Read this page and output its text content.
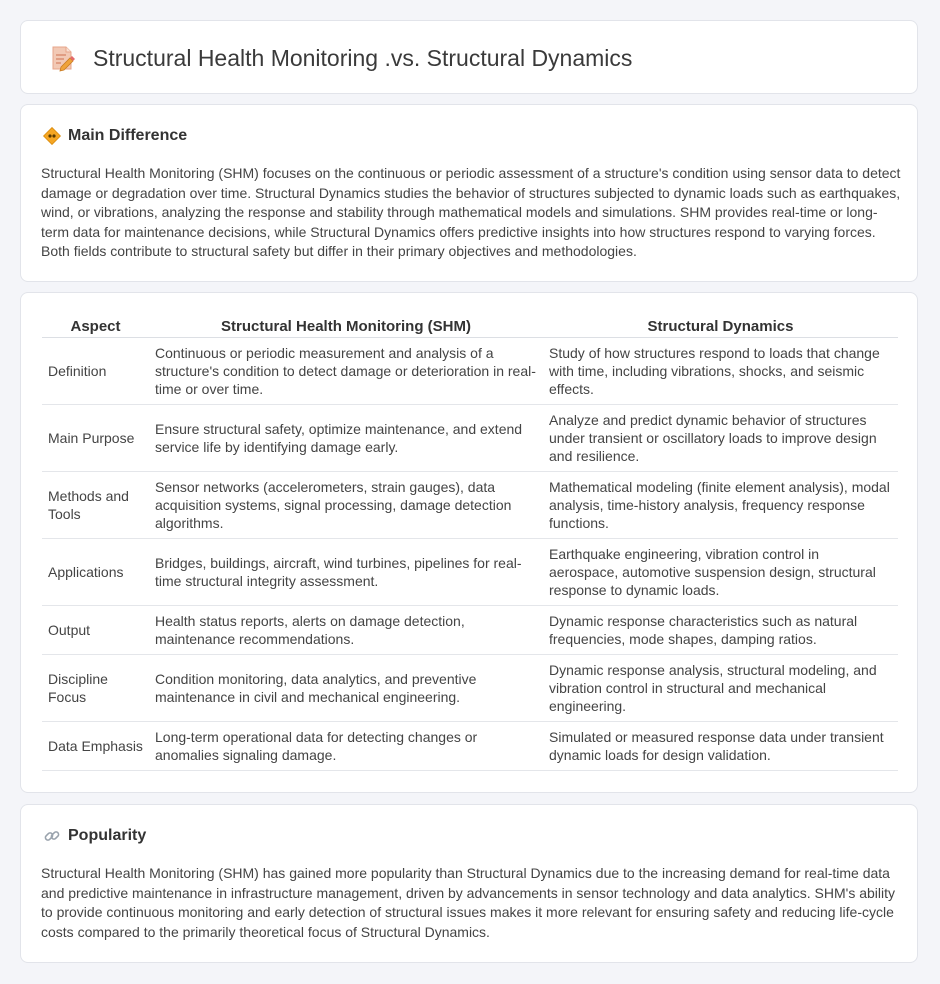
Structural Health Monitoring .vs. Structural Dynamics
Main Difference

Structural Health Monitoring (SHM) focuses on the continuous or periodic assessment of a structure's condition using sensor data to detect damage or degradation over time. Structural Dynamics studies the behavior of structures subjected to dynamic loads such as earthquakes, wind, or vibrations, analyzing the response and stability through mathematical models and simulations. SHM provides real-time or long-term data for maintenance decisions, while Structural Dynamics offers predictive insights into how structures respond to varying forces. Both fields contribute to structural safety but differ in their primary objectives and methodologies.

Aspect	Structural Health Monitoring (SHM)	Structural Dynamics
Definition	Continuous or periodic measurement and analysis of a structure's condition to detect damage or deterioration in real-time or over time.	Study of how structures respond to loads that change with time, including vibrations, shocks, and seismic effects.
Main Purpose	Ensure structural safety, optimize maintenance, and extend service life by identifying damage early.	Analyze and predict dynamic behavior of structures under transient or oscillatory loads to improve design and resilience.
Methods and Tools	Sensor networks (accelerometers, strain gauges), data acquisition systems, signal processing, damage detection algorithms.	Mathematical modeling (finite element analysis), modal analysis, time-history analysis, frequency response functions.
Applications	Bridges, buildings, aircraft, wind turbines, pipelines for real-time structural integrity assessment.	Earthquake engineering, vibration control in aerospace, automotive suspension design, structural response to dynamic loads.
Output	Health status reports, alerts on damage detection, maintenance recommendations.	Dynamic response characteristics such as natural frequencies, mode shapes, damping ratios.
Discipline Focus	Condition monitoring, data analytics, and preventive maintenance in civil and mechanical engineering.	Dynamic response analysis, structural modeling, and vibration control in structural and mechanical engineering.
Data Emphasis	Long-term operational data for detecting changes or anomalies signaling damage.	Simulated or measured response data under transient dynamic loads for design validation.
Popularity

Structural Health Monitoring (SHM) has gained more popularity than Structural Dynamics due to the increasing demand for real-time data and predictive maintenance in infrastructure management, driven by advancements in sensor technology and data analytics. SHM's ability to provide continuous monitoring and early detection of structural issues makes it more relevant for ensuring safety and reducing life-cycle costs compared to the primarily theoretical focus of Structural Dynamics.
